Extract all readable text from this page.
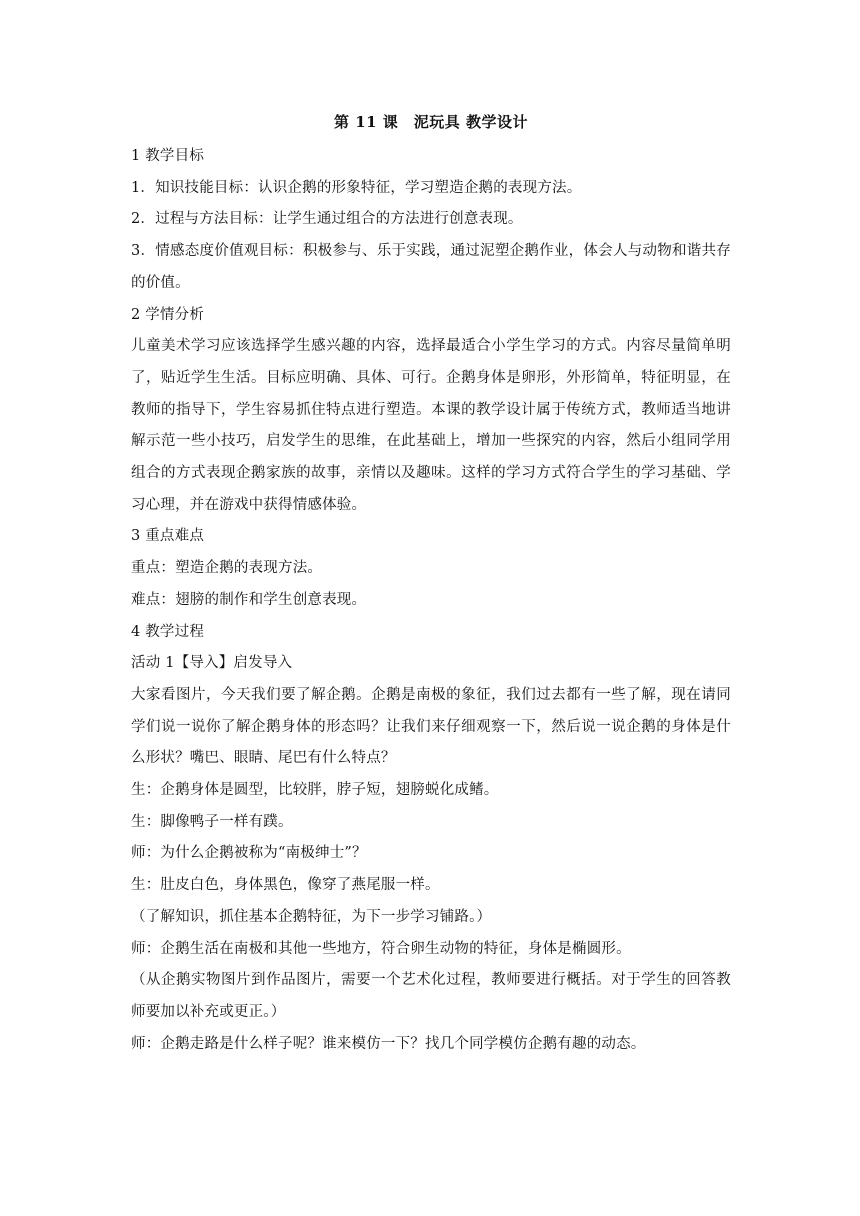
第 11 课　泥玩具 教学设计

1 教学目标

1．知识技能目标：认识企鹅的形象特征，学习塑造企鹅的表现方法。

2．过程与方法目标：让学生通过组合的方法进行创意表现。

3．情感态度价值观目标：积极参与、乐于实践，通过泥塑企鹅作业，体会人与动物和谐共存的价值。

2 学情分析

儿童美术学习应该选择学生感兴趣的内容，选择最适合小学生学习的方式。内容尽量简单明了，贴近学生生活。目标应明确、具体、可行。企鹅身体是卵形，外形简单，特征明显，在教师的指导下，学生容易抓住特点进行塑造。本课的教学设计属于传统方式，教师适当地讲解示范一些小技巧，启发学生的思维，在此基础上，增加一些探究的内容，然后小组同学用组合的方式表现企鹅家族的故事，亲情以及趣味。这样的学习方式符合学生的学习基础、学习心理，并在游戏中获得情感体验。

3 重点难点

重点：塑造企鹅的表现方法。

难点：翅膀的制作和学生创意表现。

4 教学过程

活动 1【导入】启发导入

大家看图片，今天我们要了解企鹅。企鹅是南极的象征，我们过去都有一些了解，现在请同学们说一说你了解企鹅身体的形态吗？让我们来仔细观察一下，然后说一说企鹅的身体是什么形状？嘴巴、眼睛、尾巴有什么特点？

生：企鹅身体是圆型，比较胖，脖子短，翅膀蜕化成鳍。

生：脚像鸭子一样有蹼。

师：为什么企鹅被称为“南极绅士”？

生：肚皮白色，身体黑色，像穿了燕尾服一样。

（了解知识，抓住基本企鹅特征，为下一步学习铺路。）

师：企鹅生活在南极和其他一些地方，符合卵生动物的特征，身体是椭圆形。

（从企鹅实物图片到作品图片，需要一个艺术化过程，教师要进行概括。对于学生的回答教师要加以补充或更正。）

师：企鹅走路是什么样子呢？谁来模仿一下？找几个同学模仿企鹅有趣的动态。
